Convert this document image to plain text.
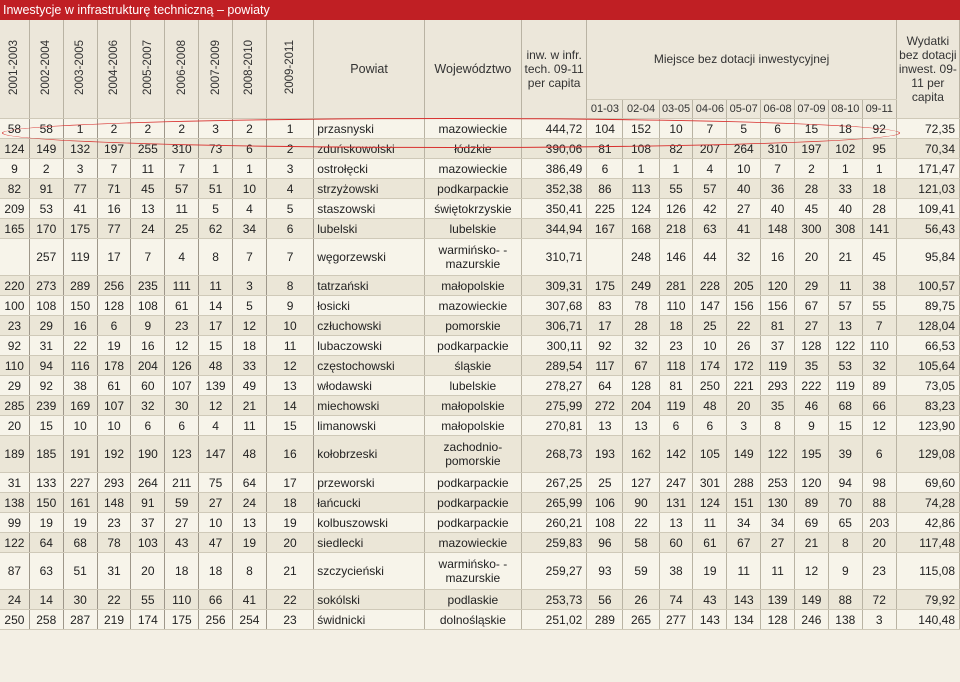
Inwestycje w infrastrukturę techniczną – powiaty
2001-2003	2002-2004	2003-2005	2004-2006	2005-2007	2006-2008	2007-2009	2008-2010	2009-2011	Powiat	Województwo	inw. w infr. tech. 09-11 per capita	Miejsce bez dotacji inwestycyjnej									Wydatki bez dotacji inwest. 09-11 per capita
												01-03	02-04	03-05	04-06	05-07	06-08	07-09	08-10	09-11	
58	58	1	2	2	2	3	2	1	przasnyski	mazowieckie	444,72	104	152	10	7	5	6	15	18	92	72,35
124	149	132	197	255	310	73	6	2	zduńskowolski	łódzkie	390,06	81	108	82	207	264	310	197	102	95	70,34
9	2	3	7	11	7	1	1	3	ostrołęcki	mazowieckie	386,49	6	1	1	4	10	7	2	1	1	171,47
82	91	77	71	45	57	51	10	4	strzyżowski	podkarpackie	352,38	86	113	55	57	40	36	28	33	18	121,03
209	53	41	16	13	11	5	4	5	staszowski	świętokrzyskie	350,41	225	124	126	42	27	40	45	40	28	109,41
165	170	175	77	24	25	62	34	6	lubelski	lubelskie	344,94	167	168	218	63	41	148	300	308	141	56,43
	257	119	17	7	4	8	7	7	węgorzewski	warmińsko- -mazurskie	310,71		248	146	44	32	16	20	21	45	95,84
220	273	289	256	235	111	11	3	8	tatrzański	małopolskie	309,31	175	249	281	228	205	120	29	11	38	100,57
100	108	150	128	108	61	14	5	9	łosicki	mazowieckie	307,68	83	78	110	147	156	156	67	57	55	89,75
23	29	16	6	9	23	17	12	10	człuchowski	pomorskie	306,71	17	28	18	25	22	81	27	13	7	128,04
92	31	22	19	16	12	15	18	11	lubaczowski	podkarpackie	300,11	92	32	23	10	26	37	128	122	110	66,53
110	94	116	178	204	126	48	33	12	częstochowski	śląskie	289,54	117	67	118	174	172	119	35	53	32	105,64
29	92	38	61	60	107	139	49	13	włodawski	lubelskie	278,27	64	128	81	250	221	293	222	119	89	73,05
285	239	169	107	32	30	12	21	14	miechowski	małopolskie	275,99	272	204	119	48	20	35	46	68	66	83,23
20	15	10	10	6	6	4	11	15	limanowski	małopolskie	270,81	13	13	6	6	3	8	9	15	12	123,90
189	185	191	192	190	123	147	48	16	kołobrzeski	zachodnio- pomorskie	268,73	193	162	142	105	149	122	195	39	6	129,08
31	133	227	293	264	211	75	64	17	przeworski	podkarpackie	267,25	25	127	247	301	288	253	120	94	98	69,60
138	150	161	148	91	59	27	24	18	łańcucki	podkarpackie	265,99	106	90	131	124	151	130	89	70	88	74,28
99	19	19	23	37	27	10	13	19	kolbuszowski	podkarpackie	260,21	108	22	13	11	34	34	69	65	203	42,86
122	64	68	78	103	43	47	19	20	siedlecki	mazowieckie	259,83	96	58	60	61	67	27	21	8	20	117,48
87	63	51	31	20	18	18	8	21	szczycieński	warmińsko- -mazurskie	259,27	93	59	38	19	11	11	12	9	23	115,08
24	14	30	22	55	110	66	41	22	sokólski	podlaskie	253,73	56	26	74	43	143	139	149	88	72	79,92
250	258	287	219	174	175	256	254	23	świdnicki	dolnośląskie	251,02	289	265	277	143	134	128	246	138	3	140,48
